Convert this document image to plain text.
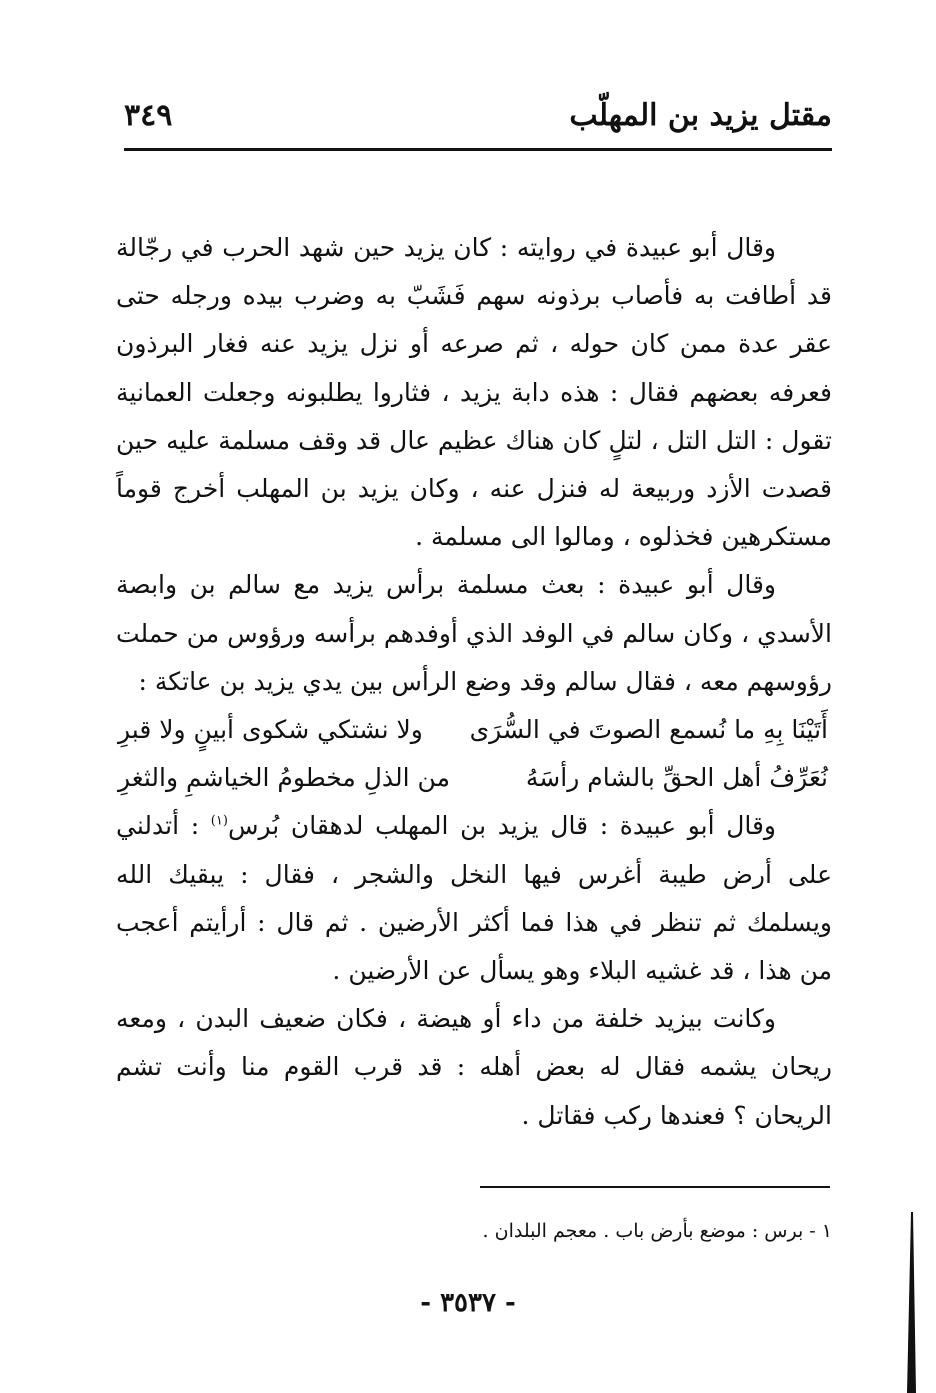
مقتل يزيد بن المهلّب
٣٤٩

وقال أبو عبيدة في روايته : كان يزيد حين شهد الحرب في رجّالة قد أطافت به فأصاب برذونه سهم فَشَبّ به وضرب بيده ورجله حتى عقر عدة ممن كان حوله ، ثم صرعه أو نزل يزيد عنه فغار البرذون فعرفه بعضهم فقال : هذه دابة يزيد ، فثاروا يطلبونه وجعلت العمانية تقول : التل التل ، لتلٍ كان هناك عظيم عال قد وقف مسلمة عليه حين قصدت الأزد وربيعة له فنزل عنه ، وكان يزيد بن المهلب أخرج قوماً مستكرهين فخذلوه ، ومالوا الى مسلمة .

وقال أبو عبيدة : بعث مسلمة برأس يزيد مع سالم بن وابصة الأسدي ، وكان سالم في الوفد الذي أوفدهم برأسه ورؤوس من حملت رؤوسهم معه ، فقال سالم وقد وضع الرأس بين يدي يزيد بن عاتكة :

أَتَيْنَا بِهِ ما نُسمع الصوتَ في السُّرَى
ولا نشتكي شكوى أبينٍ ولا قبرِ
نُعَرِّفُ أهل الحقِّ بالشام رأسَهُ
من الذلِ مخطومُ الخياشمِ والثغرِ

وقال أبو عبيدة : قال يزيد بن المهلب لدهقان بُرس$^{(١)}$ : أتدلني على أرض طيبة أغرس فيها النخل والشجر ، فقال : يبقيك الله ويسلمك ثم تنظر في هذا فما أكثر الأرضين . ثم قال : أرأيتم أعجب من هذا ، قد غشيه البلاء وهو يسأل عن الأرضين .

وكانت بيزيد خلفة من داء أو هيضة ، فكان ضعيف البدن ، ومعه ريحان يشمه فقال له بعض أهله : قد قرب القوم منا وأنت تشم الريحان ؟ فعندها ركب فقاتل .

١ - برس : موضع بأرض باب . معجم البلدان .
- ٣٥٣٧ -
